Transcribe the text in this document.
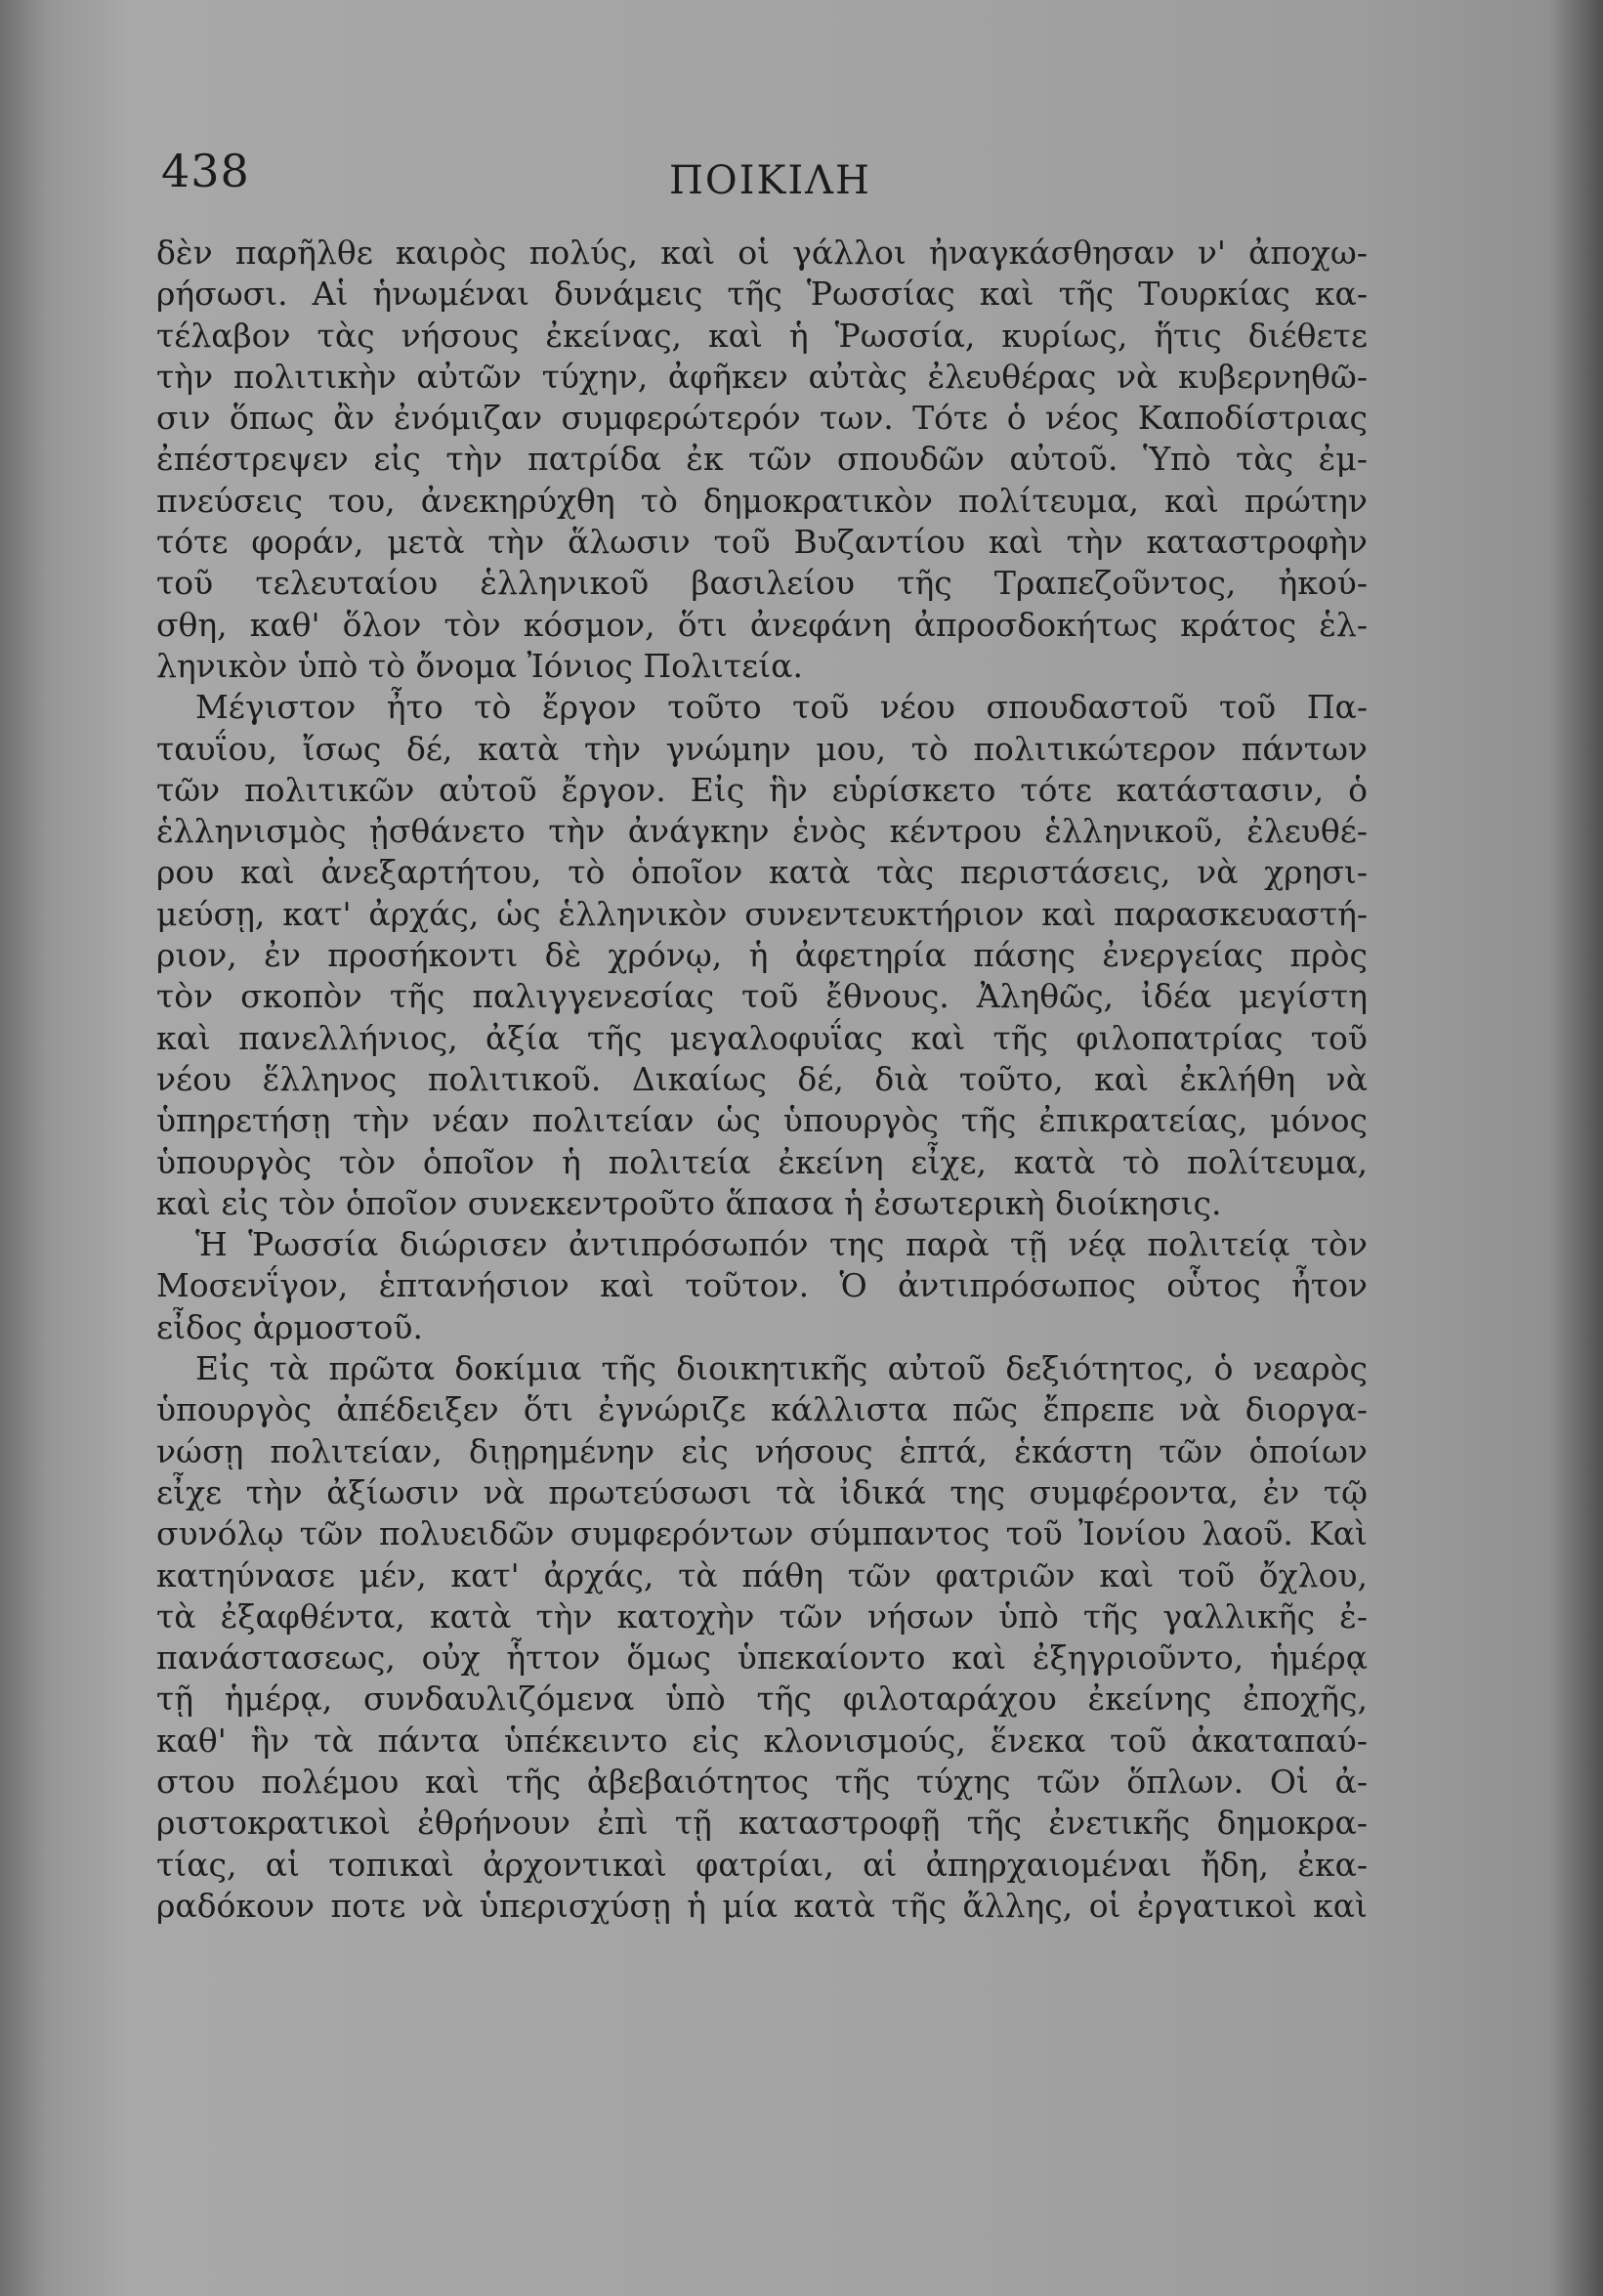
438	ΠΟΙΚΙΛΗ
δὲν παρῆλθε καιρὸς πολύς, καὶ οἱ γάλλοι ἠναγκάσθησαν ν' ἀποχω-
ρήσωσι. Αἱ ἡνωμέναι δυνάμεις τῆς Ῥωσσίας καὶ τῆς Τουρκίας κα-
τέλαβον τὰς νήσους ἐκείνας, καὶ ἡ Ῥωσσία, κυρίως, ἥτις διέθετε
τὴν πολιτικὴν αὐτῶν τύχην, ἀφῆκεν αὐτὰς ἐλευθέρας νὰ κυβερνηθῶ-
σιν ὅπως ἂν ἐνόμιζαν συμφερώτερόν των. Τότε ὁ νέος Καποδίστριας
ἐπέστρεψεν εἰς τὴν πατρίδα ἐκ τῶν σπουδῶν αὐτοῦ. Ὑπὸ τὰς ἐμ-
πνεύσεις του, ἀνεκηρύχθη τὸ δημοκρατικὸν πολίτευμα, καὶ πρώτην
τότε φοράν, μετὰ τὴν ἅλωσιν τοῦ Βυζαντίου καὶ τὴν καταστροφὴν
τοῦ τελευταίου ἑλληνικοῦ βασιλείου τῆς Τραπεζοῦντος, ἠκού-
σθη, καθ' ὅλον τὸν κόσμον, ὅτι ἀνεφάνη ἀπροσδοκήτως κράτος ἑλ-
ληνικὸν ὑπὸ τὸ ὄνομα Ἰόνιος Πολιτεία.
Μέγιστον ἦτο τὸ ἔργον τοῦτο τοῦ νέου σπουδαστοῦ τοῦ Πα-
ταυΐου, ἴσως δέ, κατὰ τὴν γνώμην μου, τὸ πολιτικώτερον πάντων
τῶν πολιτικῶν αὐτοῦ ἔργον. Εἰς ἣν εὑρίσκετο τότε κατάστασιν, ὁ
ἑλληνισμὸς ᾐσθάνετο τὴν ἀνάγκην ἑνὸς κέντρου ἑλληνικοῦ, ἐλευθέ-
ρου καὶ ἀνεξαρτήτου, τὸ ὁποῖον κατὰ τὰς περιστάσεις, νὰ χρησι-
μεύσῃ, κατ' ἀρχάς, ὡς ἑλληνικὸν συνεντευκτήριον καὶ παρασκευαστή-
ριον, ἐν προσήκοντι δὲ χρόνῳ, ἡ ἀφετηρία πάσης ἐνεργείας πρὸς
τὸν σκοπὸν τῆς παλιγγενεσίας τοῦ ἔθνους. Ἀληθῶς, ἰδέα μεγίστη
καὶ πανελλήνιος, ἀξία τῆς μεγαλοφυΐας καὶ τῆς φιλοπατρίας τοῦ
νέου ἕλληνος πολιτικοῦ. Δικαίως δέ, διὰ τοῦτο, καὶ ἐκλήθη νὰ
ὑπηρετήσῃ τὴν νέαν πολιτείαν ὡς ὑπουργὸς τῆς ἐπικρατείας, μόνος
ὑπουργὸς τὸν ὁποῖον ἡ πολιτεία ἐκείνη εἶχε, κατὰ τὸ πολίτευμα,
καὶ εἰς τὸν ὁποῖον συνεκεντροῦτο ἅπασα ἡ ἐσωτερικὴ διοίκησις.
Ἡ Ῥωσσία διώρισεν ἀντιπρόσωπόν της παρὰ τῇ νέᾳ πολιτείᾳ τὸν
Μοσενΐγον, ἑπτανήσιον καὶ τοῦτον. Ὁ ἀντιπρόσωπος οὗτος ἦτον
εἶδος ἁρμοστοῦ.
Εἰς τὰ πρῶτα δοκίμια τῆς διοικητικῆς αὐτοῦ δεξιότητος, ὁ νεαρὸς
ὑπουργὸς ἀπέδειξεν ὅτι ἐγνώριζε κάλλιστα πῶς ἔπρεπε νὰ διοργα-
νώσῃ πολιτείαν, διῃρημένην εἰς νήσους ἑπτά, ἑκάστη τῶν ὁποίων
εἶχε τὴν ἀξίωσιν νὰ πρωτεύσωσι τὰ ἰδικά της συμφέροντα, ἐν τῷ
συνόλῳ τῶν πολυειδῶν συμφερόντων σύμπαντος τοῦ Ἰονίου λαοῦ. Καὶ
κατηύνασε μέν, κατ' ἀρχάς, τὰ πάθη τῶν φατριῶν καὶ τοῦ ὄχλου,
τὰ ἐξαφθέντα, κατὰ τὴν κατοχὴν τῶν νήσων ὑπὸ τῆς γαλλικῆς ἐ-
πανάστασεως, οὐχ ἧττον ὅμως ὑπεκαίοντο καὶ ἐξηγριοῦντο, ἡμέρᾳ
τῇ ἡμέρᾳ, συνδαυλιζόμενα ὑπὸ τῆς φιλοταράχου ἐκείνης ἐποχῆς,
καθ' ἣν τὰ πάντα ὑπέκειντο εἰς κλονισμούς, ἕνεκα τοῦ ἀκαταπαύ-
στου πολέμου καὶ τῆς ἀβεβαιότητος τῆς τύχης τῶν ὅπλων. Οἱ ἀ-
ριστοκρατικοὶ ἐθρήνουν ἐπὶ τῇ καταστροφῇ τῆς ἐνετικῆς δημοκρα-
τίας, αἱ τοπικαὶ ἀρχοντικαὶ φατρίαι, αἱ ἀπηρχαιομέναι ἤδη, ἐκα-
ραδόκουν ποτε νὰ ὑπερισχύσῃ ἡ μία κατὰ τῆς ἄλλης, οἱ ἐργατικοὶ καὶ
